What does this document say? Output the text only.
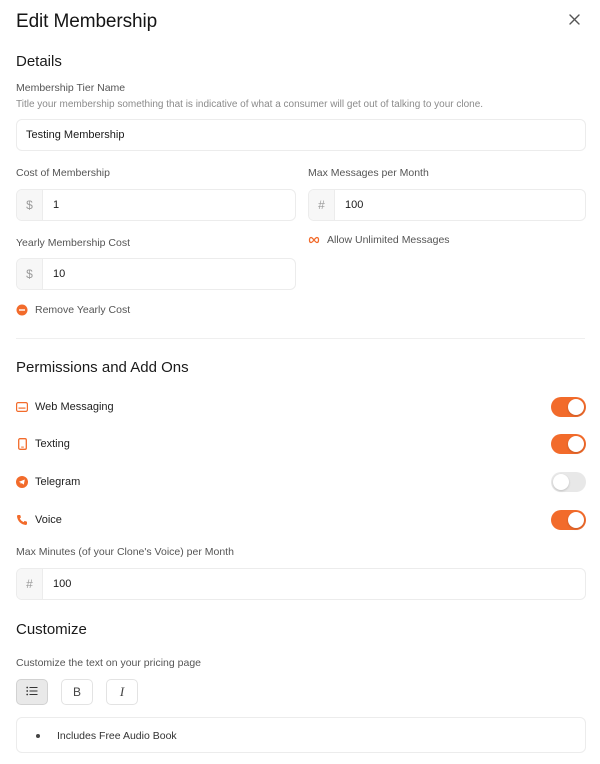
Edit Membership
Details
Membership Tier Name
Title your membership something that is indicative of what a consumer will get out of talking to your clone.
Testing Membership
Cost of Membership
$	1
Max Messages per Month
#	100
Allow Unlimited Messages
Yearly Membership Cost
$	10
Remove Yearly Cost
Permissions and Add Ons
Web Messaging
Texting
Telegram
Voice
Max Minutes (of your Clone's Voice) per Month
#	100
Customize
Customize the text on your pricing page
B	I
Includes Free Audio Book
